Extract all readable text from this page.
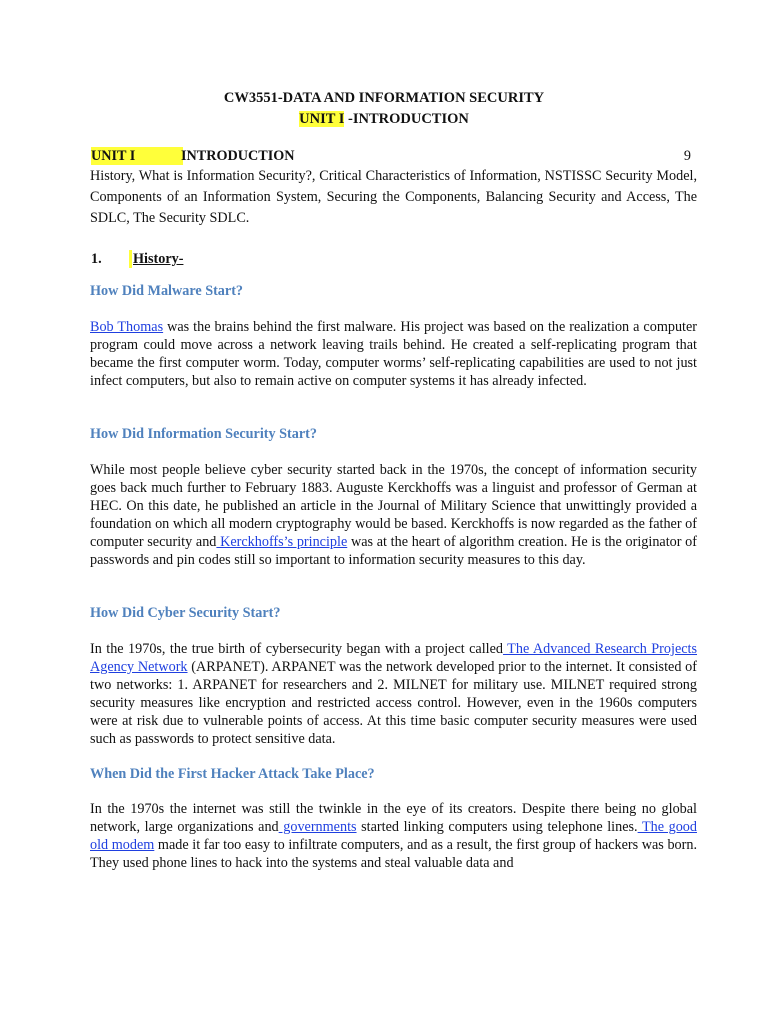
CW3551-DATA AND INFORMATION SECURITY
UNIT I -INTRODUCTION
UNIT I	INTRODUCTION	9
History, What is Information Security?, Critical Characteristics of Information, NSTISSC Security Model, Components of an Information System, Securing the Components, Balancing Security and Access, The SDLC, The Security SDLC.
1. History-
How Did Malware Start?
Bob Thomas was the brains behind the first malware. His project was based on the realization a computer program could move across a network leaving trails behind. He created a self-replicating program that became the first computer worm. Today, computer worms’ self-replicating capabilities are used to not just infect computers, but also to remain active on computer systems it has already infected.
How Did Information Security Start?
While most people believe cyber security started back in the 1970s, the concept of information security goes back much further to February 1883. Auguste Kerckhoffs was a linguist and professor of German at HEC. On this date, he published an article in the Journal of Military Science that unwittingly provided a foundation on which all modern cryptography would be based. Kerckhoffs is now regarded as the father of computer security and Kerckhoffs’s principle was at the heart of algorithm creation. He is the originator of passwords and pin codes still so important to information security measures to this day.
How Did Cyber Security Start?
In the 1970s, the true birth of cybersecurity began with a project called The Advanced Research Projects Agency Network (ARPANET). ARPANET was the network developed prior to the internet. It consisted of two networks: 1. ARPANET for researchers and 2. MILNET for military use. MILNET required strong security measures like encryption and restricted access control. However, even in the 1960s computers were at risk due to vulnerable points of access. At this time basic computer security measures were used such as passwords to protect sensitive data.
When Did the First Hacker Attack Take Place?
In the 1970s the internet was still the twinkle in the eye of its creators. Despite there being no global network, large organizations and governments started linking computers using telephone lines. The good old modem made it far too easy to infiltrate computers, and as a result, the first group of hackers was born. They used phone lines to hack into the systems and steal valuable data and
